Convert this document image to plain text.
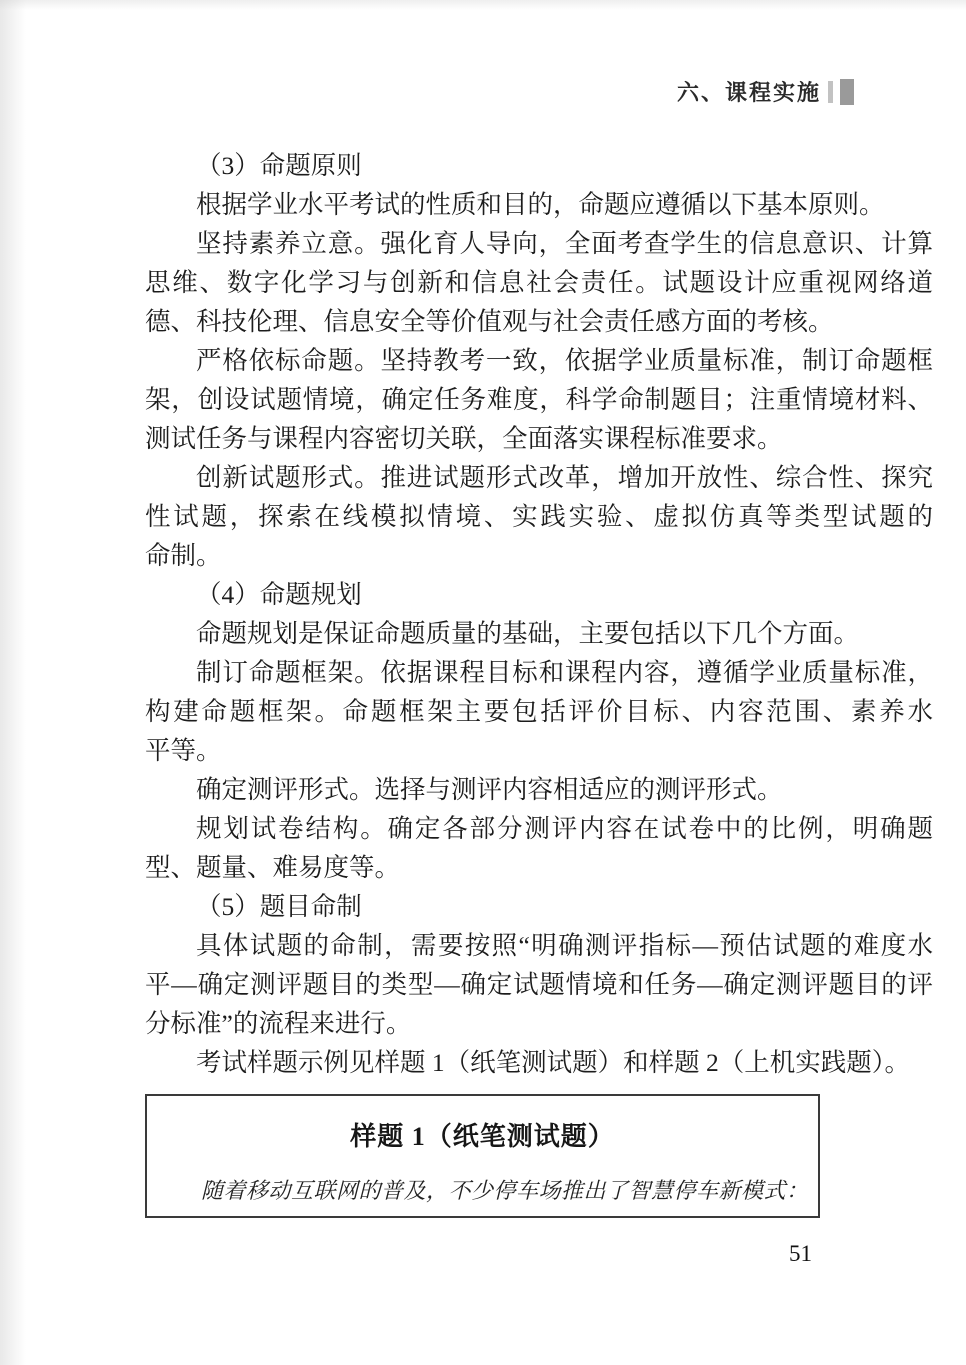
六、课程实施
（3）命题原则
根据学业水平考试的性质和目的，命题应遵循以下基本原则。
坚持素养立意。强化育人导向，全面考查学生的信息意识、计算
思维、数字化学习与创新和信息社会责任。试题设计应重视网络道
德、科技伦理、信息安全等价值观与社会责任感方面的考核。
严格依标命题。坚持教考一致，依据学业质量标准，制订命题框
架，创设试题情境，确定任务难度，科学命制题目；注重情境材料、
测试任务与课程内容密切关联，全面落实课程标准要求。
创新试题形式。推进试题形式改革，增加开放性、综合性、探究
性试题，探索在线模拟情境、实践实验、虚拟仿真等类型试题的
命制。
（4）命题规划
命题规划是保证命题质量的基础，主要包括以下几个方面。
制订命题框架。依据课程目标和课程内容，遵循学业质量标准，
构建命题框架。命题框架主要包括评价目标、内容范围、素养水
平等。
确定测评形式。选择与测评内容相适应的测评形式。
规划试卷结构。确定各部分测评内容在试卷中的比例，明确题
型、题量、难易度等。
（5）题目命制
具体试题的命制，需要按照“明确测评指标—预估试题的难度水
平—确定测评题目的类型—确定试题情境和任务—确定测评题目的评
分标准”的流程来进行。
考试样题示例见样题 1（纸笔测试题）和样题 2（上机实践题）。
样题 1（纸笔测试题）
随着移动互联网的普及，不少停车场推出了智慧停车新模式：
51
